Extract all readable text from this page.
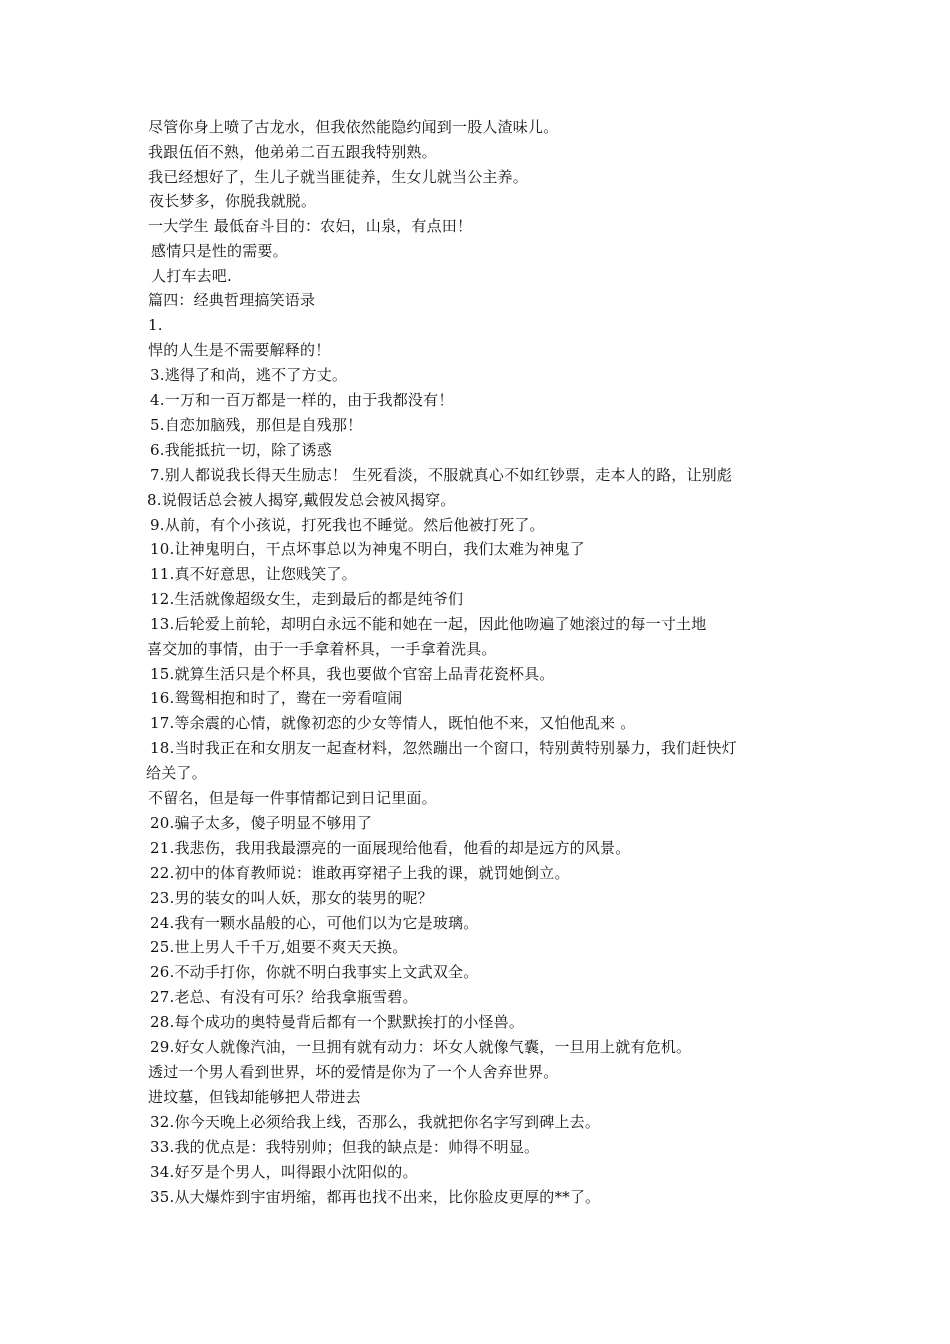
尽管你身上喷了古龙水，但我依然能隐约闻到一股人渣味儿。
我跟伍佰不熟，他弟弟二百五跟我特别熟。
我已经想好了，生儿子就当匪徒养，生女儿就当公主养。
夜长梦多，你脱我就脱。
一大学生 最低奋斗目的：农妇，山泉，有点田！
感情只是性的需要。
人打车去吧.
篇四：经典哲理搞笑语录
1.
悍的人生是不需要解释的！
3.逃得了和尚，逃不了方丈。
4.一万和一百万都是一样的，由于我都没有！
5.自恋加脑残，那但是自残那！
6.我能抵抗一切，除了诱惑
7.别人都说我长得天生励志！ 生死看淡，不服就真心不如红钞票，走本人的路，让别彪
8.说假话总会被人揭穿,戴假发总会被风揭穿。
9.从前，有个小孩说，打死我也不睡觉。然后他被打死了。
10.让神鬼明白，干点坏事总以为神鬼不明白，我们太难为神鬼了
11.真不好意思，让您贱笑了。
12.生活就像超级女生，走到最后的都是纯爷们
13.后轮爱上前轮，却明白永远不能和她在一起，因此他吻遍了她滚过的每一寸土地
喜交加的事情，由于一手拿着杯具，一手拿着洗具。
15.就算生活只是个杯具，我也要做个官窑上品青花瓷杯具。
16.鸳鸳相抱和时了，鸯在一旁看喧闹
17.等余震的心情，就像初恋的少女等情人，既怕他不来，又怕他乱来 。
18.当时我正在和女朋友一起查材料，忽然蹦出一个窗口，特别黄特别暴力，我们赶快灯
给关了。
不留名，但是每一件事情都记到日记里面。
20.骗子太多，傻子明显不够用了
21.我悲伤，我用我最漂亮的一面展现给他看，他看的却是远方的风景。
22.初中的体育教师说：谁敢再穿裙子上我的课，就罚她倒立。
23.男的装女的叫人妖，那女的装男的呢？
24.我有一颗水晶般的心，可他们以为它是玻璃。
25.世上男人千千万,姐要不爽天天换。
26.不动手打你，你就不明白我事实上文武双全。
27.老总、有没有可乐？给我拿瓶雪碧。
28.每个成功的奥特曼背后都有一个默默挨打的小怪兽。
29.好女人就像汽油，一旦拥有就有动力：坏女人就像气囊，一旦用上就有危机。
透过一个男人看到世界，坏的爱情是你为了一个人舍弃世界。
进坟墓，但钱却能够把人带进去
32.你今天晚上必须给我上线，否那么，我就把你名字写到碑上去。
33.我的优点是：我特别帅；但我的缺点是：帅得不明显。
34.好歹是个男人，叫得跟小沈阳似的。
35.从大爆炸到宇宙坍缩，都再也找不出来，比你脸皮更厚的**了。
